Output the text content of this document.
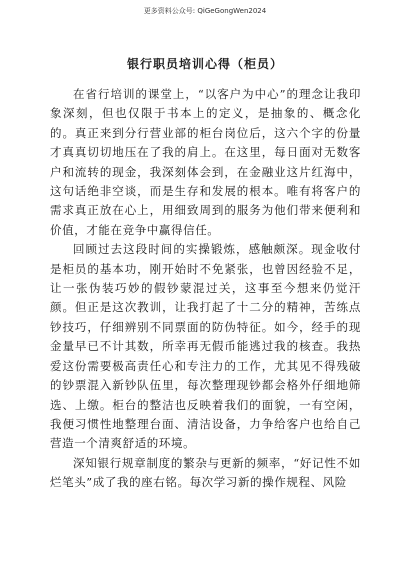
更多资料公众号: QiGeGongWen2024
银行职员培训心得（柜员）

在省行培训的课堂上，“以客户为中心”的理念让我印象深刻，但也仅限于书本上的定义，是抽象的、概念化的。真正来到分行营业部的柜台岗位后，这六个字的份量才真真切切地压在了我的肩上。在这里，每日面对无数客户和流转的现金，我深刻体会到，在金融业这片红海中，这句话绝非空谈，而是生存和发展的根本。唯有将客户的需求真正放在心上，用细致周到的服务为他们带来便利和价值，才能在竞争中赢得信任。

回顾过去这段时间的实操锻炼，感触颇深。现金收付是柜员的基本功，刚开始时不免紧张，也曾因经验不足，让一张伪装巧妙的假钞蒙混过关，这事至今想来仍觉汗颜。但正是这次教训，让我打起了十二分的精神，苦练点钞技巧，仔细辨别不同票面的防伪特征。如今，经手的现金量早已不计其数，所幸再无假币能逃过我的核查。我热爱这份需要极高责任心和专注力的工作，尤其见不得残破的钞票混入新钞队伍里，每次整理现钞都会格外仔细地筛选、上缴。柜台的整洁也反映着我们的面貌，一有空闲，我便习惯性地整理台面、清洁设备，力争给客户也给自己营造一个清爽舒适的环境。

深知银行规章制度的繁杂与更新的频率，“好记性不如烂笔头”成了我的座右铭。每次学习新的操作规程、风险
